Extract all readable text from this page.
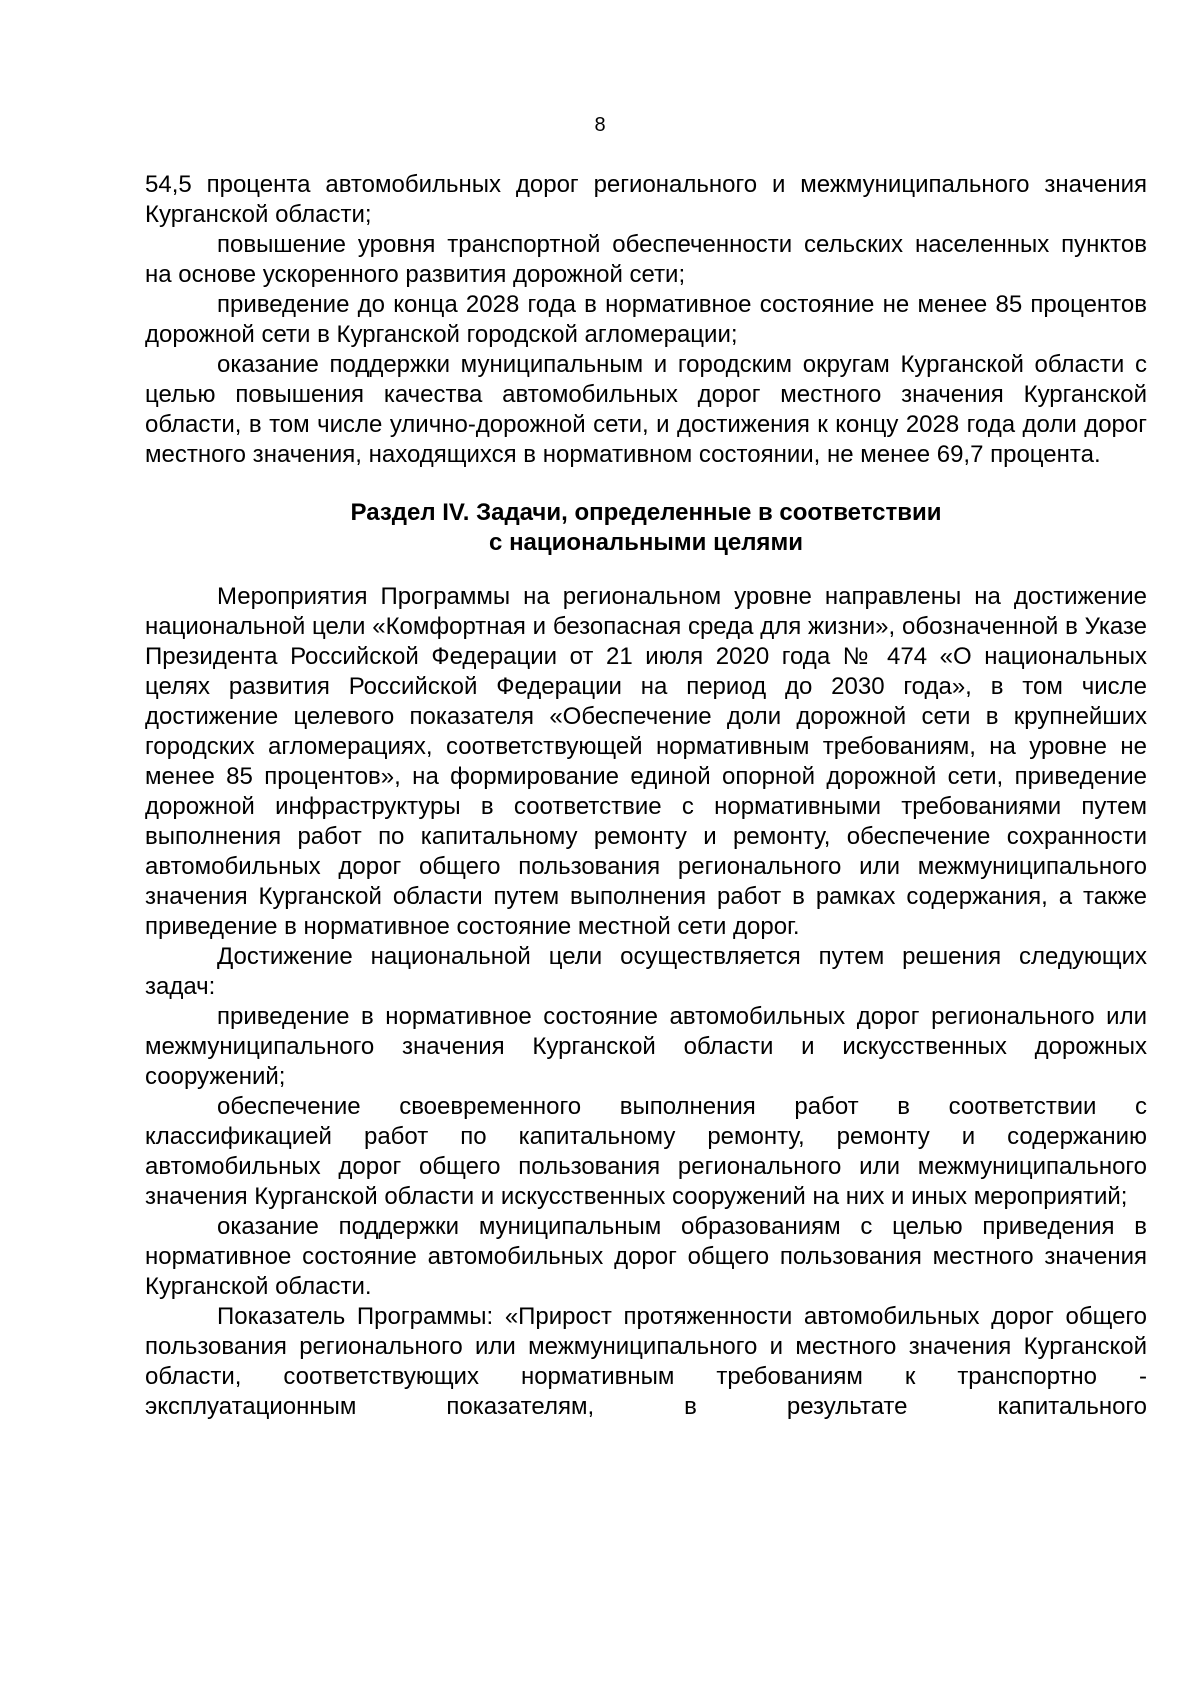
8

54,5 процента автомобильных дорог регионального и межмуниципального значения Курганской области;

повышение уровня транспортной обеспеченности сельских населенных пунктов на основе ускоренного развития дорожной сети;

приведение до конца 2028 года в нормативное состояние не менее 85 процентов дорожной сети в Курганской городской агломерации;

оказание поддержки муниципальным и городским округам Курганской области с целью повышения качества автомобильных дорог местного значения Курганской области, в том числе улично-дорожной сети, и достижения к концу 2028 года доли дорог местного значения, находящихся в нормативном состоянии, не менее 69,7 процента.

Раздел IV. Задачи, определенные в соответствии
с национальными целями

Мероприятия Программы на региональном уровне направлены на достижение национальной цели «Комфортная и безопасная среда для жизни», обозначенной в Указе Президента Российской Федерации от 21 июля 2020 года № 474 «О национальных целях развития Российской Федерации на период до 2030 года», в том числе достижение целевого показателя «Обеспечение доли дорожной сети в крупнейших городских агломерациях, соответствующей нормативным требованиям, на уровне не менее 85 процентов», на формирование единой опорной дорожной сети, приведение дорожной инфраструктуры в соответствие с нормативными требованиями путем выполнения работ по капитальному ремонту и ремонту, обеспечение сохранности автомобильных дорог общего пользования регионального или межмуниципального значения Курганской области путем выполнения работ в рамках содержания, а также приведение в нормативное состояние местной сети дорог.

Достижение национальной цели осуществляется путем решения следующих задач:

приведение в нормативное состояние автомобильных дорог регионального или межмуниципального значения Курганской области и искусственных дорожных сооружений;

обеспечение своевременного выполнения работ в соответствии с классификацией работ по капитальному ремонту, ремонту и содержанию автомобильных дорог общего пользования регионального или межмуниципального значения Курганской области и искусственных сооружений на них и иных мероприятий;

оказание поддержки муниципальным образованиям с целью приведения в нормативное состояние автомобильных дорог общего пользования местного значения Курганской области.

Показатель Программы: «Прирост протяженности автомобильных дорог общего пользования регионального или межмуниципального и местного значения Курганской области, соответствующих нормативным требованиям к транспортно - эксплуатационным показателям, в результате капитального
